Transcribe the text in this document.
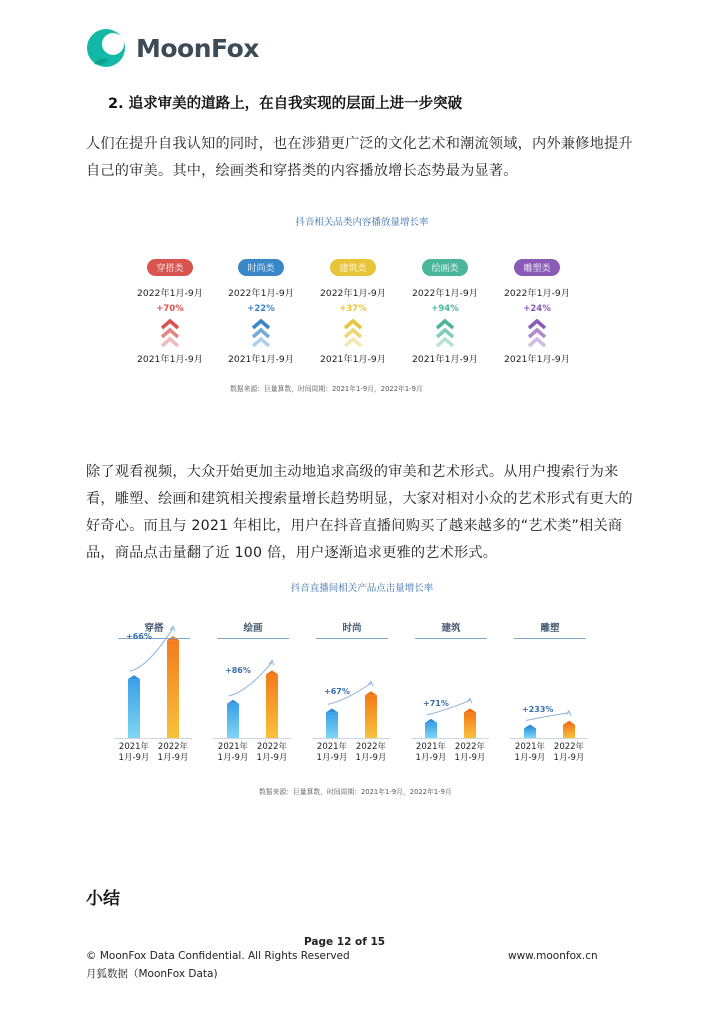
MoonFox
2. 追求审美的道路上，在自我实现的层面上进一步突破
人们在提升自我认知的同时，也在涉猎更广泛的文化艺术和潮流领域，内外兼修地提升自己的审美。其中，绘画类和穿搭类的内容播放增长态势最为显著。
抖音相关品类内容播放量增长率
穿搭类
2022年1月-9月
+70%
2021年1月-9月
时尚类
2022年1月-9月
+22%
2021年1月-9月
建筑类
2022年1月-9月
+37%
2021年1月-9月
绘画类
2022年1月-9月
+94%
2021年1月-9月
雕塑类
2022年1月-9月
+24%
2021年1月-9月
数据来源：巨量算数，时间周期：2021年1-9月，2022年1-9月
除了观看视频，大众开始更加主动地追求高级的审美和艺术形式。从用户搜索行为来看，雕塑、绘画和建筑相关搜索量增长趋势明显，大家对相对小众的艺术形式有更大的好奇心。而且与 2021 年相比，用户在抖音直播间购买了越来越多的“艺术类”相关商品，商品点击量翻了近 100 倍，用户逐渐追求更雅的艺术形式。
抖音直播间相关产品点击量增长率
穿搭
2021年
1月-9月
2022年
1月-9月
+66%
绘画
2021年
1月-9月
2022年
1月-9月
+86%
时尚
2021年
1月-9月
2022年
1月-9月
+67%
建筑
2021年
1月-9月
2022年
1月-9月
+71%
雕塑
2021年
1月-9月
2022年
1月-9月
+233%
数据来源：巨量算数，时间周期：2021年1-9月，2022年1-9月
小结
Page 12 of 15
© MoonFox Data Confidential. All Rights Reserved	www.moonfox.cn
月狐数据（MoonFox Data)
